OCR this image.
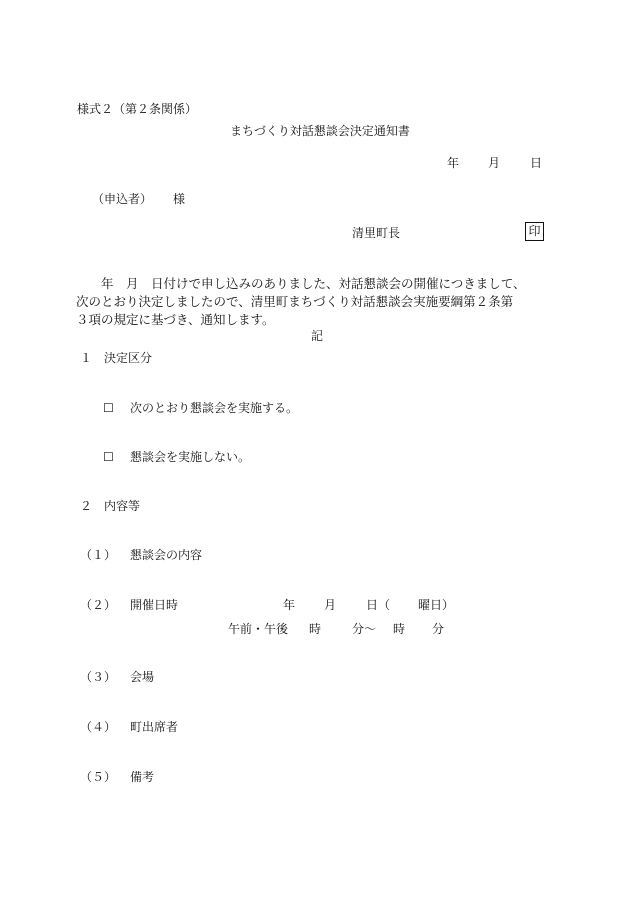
様式２（第２条関係）
まちづくり対話懇談会決定通知書
年 月 日
（申込者） 様
清里町長	印
　　年　月　日付けで申し込みのありました、対話懇談会の開催につきまして、
次のとおり決定しましたので、清里町まちづくり対話懇談会実施要綱第２条第
３項の規定に基づき、通知します。
記
１ 決定区分
☐ 次のとおり懇談会を実施する。
☐ 懇談会を実施しない。
２ 内容等
（１） 懇談会の内容
（２） 開催日時	年 月 日（ 曜日）
午前・午後 時	分～ 時 分
（３） 会場
（４） 町出席者
（５） 備考
